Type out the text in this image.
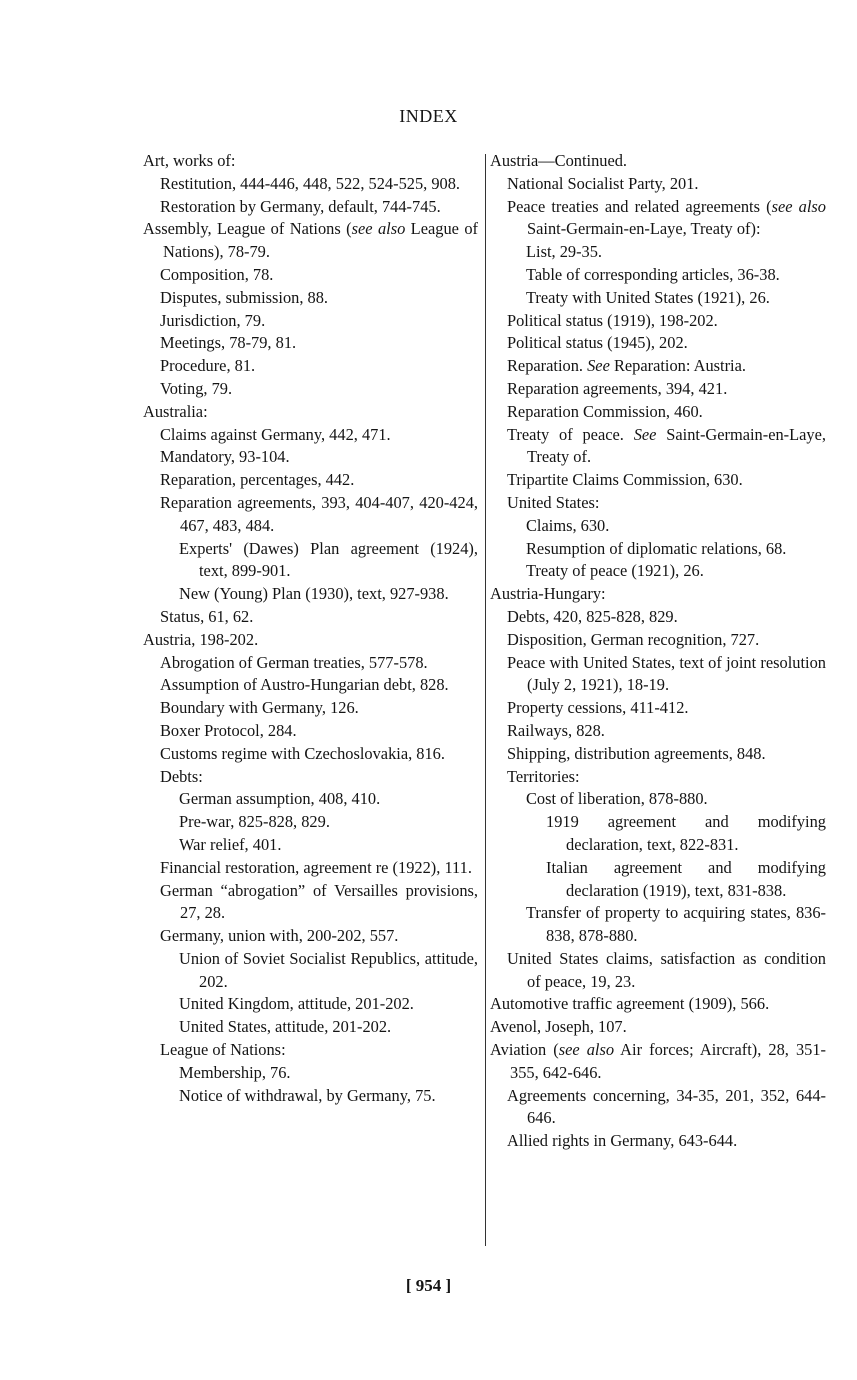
INDEX

Art, works of:

Restitution, 444-446, 448, 522, 524-525, 908.

Restoration by Germany, default, 744-745.

Assembly, League of Nations (see also League of Nations), 78-79.

Composition, 78.

Disputes, submission, 88.

Jurisdiction, 79.

Meetings, 78-79, 81.

Procedure, 81.

Voting, 79.

Australia:

Claims against Germany, 442, 471.

Mandatory, 93-104.

Reparation, percentages, 442.

Reparation agreements, 393, 404-407, 420-424, 467, 483, 484.

Experts' (Dawes) Plan agreement (1924), text, 899-901.

New (Young) Plan (1930), text, 927-938.

Status, 61, 62.

Austria, 198-202.

Abrogation of German treaties, 577-578.

Assumption of Austro-Hungarian debt, 828.

Boundary with Germany, 126.

Boxer Protocol, 284.

Customs regime with Czechoslovakia, 816.

Debts:

German assumption, 408, 410.

Pre-war, 825-828, 829.

War relief, 401.

Financial restoration, agreement re (1922), 111.

German “abrogation” of Versailles provisions, 27, 28.

Germany, union with, 200-202, 557.

Union of Soviet Socialist Republics, attitude, 202.

United Kingdom, attitude, 201-202.

United States, attitude, 201-202.

League of Nations:

Membership, 76.

Notice of withdrawal, by Germany, 75.

Austria—Continued.

National Socialist Party, 201.

Peace treaties and related agreements (see also Saint-Germain-en-Laye, Treaty of):

List, 29-35.

Table of corresponding articles, 36-38.

Treaty with United States (1921), 26.

Political status (1919), 198-202.

Political status (1945), 202.

Reparation. See Reparation: Austria.

Reparation agreements, 394, 421.

Reparation Commission, 460.

Treaty of peace. See Saint-Germain-en-Laye, Treaty of.

Tripartite Claims Commission, 630.

United States:

Claims, 630.

Resumption of diplomatic relations, 68.

Treaty of peace (1921), 26.

Austria-Hungary:

Debts, 420, 825-828, 829.

Disposition, German recognition, 727.

Peace with United States, text of joint resolution (July 2, 1921), 18-19.

Property cessions, 411-412.

Railways, 828.

Shipping, distribution agreements, 848.

Territories:

Cost of liberation, 878-880.

1919 agreement and modifying declaration, text, 822-831.

Italian agreement and modifying declaration (1919), text, 831-838.

Transfer of property to acquiring states, 836-838, 878-880.

United States claims, satisfaction as condition of peace, 19, 23.

Automotive traffic agreement (1909), 566.

Avenol, Joseph, 107.

Aviation (see also Air forces; Aircraft), 28, 351-355, 642-646.

Agreements concerning, 34-35, 201, 352, 644-646.

Allied rights in Germany, 643-644.

[ 954 ]
